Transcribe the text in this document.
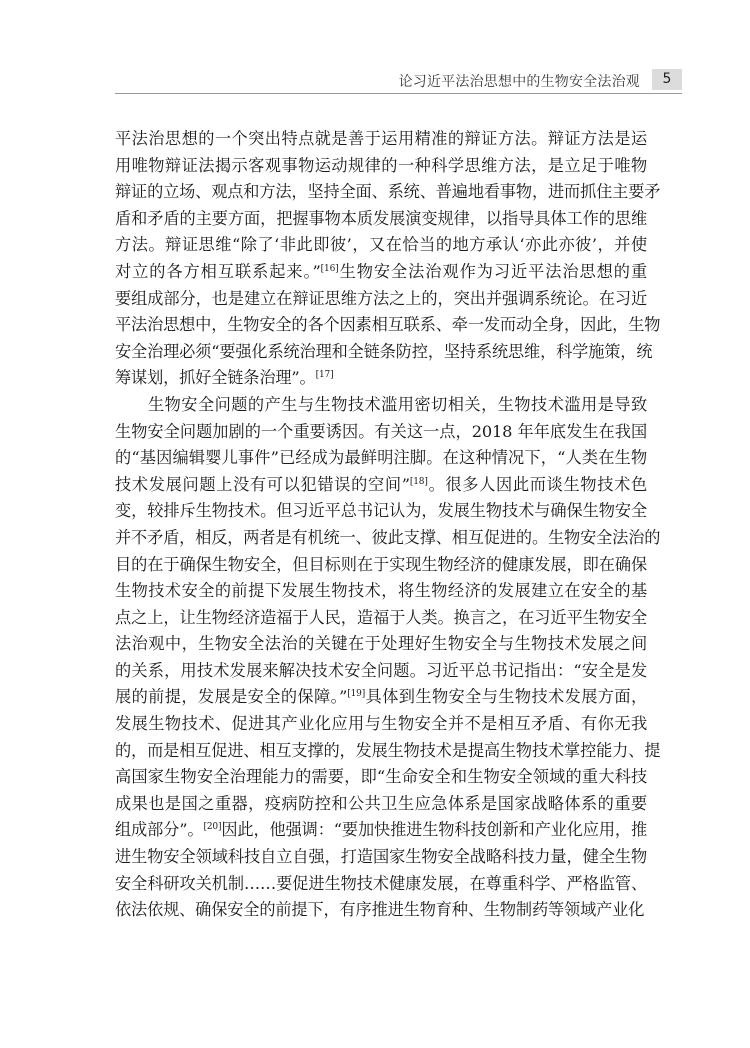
论习近平法治思想中的生物安全法治观	5
平法治思想的一个突出特点就是善于运用精准的辩证方法。辩证方法是运
用唯物辩证法揭示客观事物运动规律的一种科学思维方法，是立足于唯物
辩证的立场、观点和方法，坚持全面、系统、普遍地看事物，进而抓住主要矛
盾和矛盾的主要方面，把握事物本质发展演变规律，以指导具体工作的思维
方法。辩证思维“除了‘非此即彼’，又在恰当的地方承认‘亦此亦彼’，并使
对立的各方相互联系起来。”[16]生物安全法治观作为习近平法治思想的重
要组成部分，也是建立在辩证思维方法之上的，突出并强调系统论。在习近
平法治思想中，生物安全的各个因素相互联系、牵一发而动全身，因此，生物
安全治理必须“要强化系统治理和全链条防控，坚持系统思维，科学施策，统
筹谋划，抓好全链条治理”。[17]
生物安全问题的产生与生物技术滥用密切相关，生物技术滥用是导致
生物安全问题加剧的一个重要诱因。有关这一点，2018 年年底发生在我国
的“基因编辑婴儿事件”已经成为最鲜明注脚。在这种情况下，“人类在生物
技术发展问题上没有可以犯错误的空间”[18]。很多人因此而谈生物技术色
变，较排斥生物技术。但习近平总书记认为，发展生物技术与确保生物安全
并不矛盾，相反，两者是有机统一、彼此支撑、相互促进的。生物安全法治的
目的在于确保生物安全，但目标则在于实现生物经济的健康发展，即在确保
生物技术安全的前提下发展生物技术，将生物经济的发展建立在安全的基
点之上，让生物经济造福于人民，造福于人类。换言之，在习近平生物安全
法治观中，生物安全法治的关键在于处理好生物安全与生物技术发展之间
的关系，用技术发展来解决技术安全问题。习近平总书记指出：“安全是发
展的前提，发展是安全的保障。”[19]具体到生物安全与生物技术发展方面，
发展生物技术、促进其产业化应用与生物安全并不是相互矛盾、有你无我
的，而是相互促进、相互支撑的，发展生物技术是提高生物技术掌控能力、提
高国家生物安全治理能力的需要，即“生命安全和生物安全领域的重大科技
成果也是国之重器，疫病防控和公共卫生应急体系是国家战略体系的重要
组成部分”。[20]因此，他强调：“要加快推进生物科技创新和产业化应用，推
进生物安全领域科技自立自强，打造国家生物安全战略科技力量，健全生物
安全科研攻关机制……要促进生物技术健康发展，在尊重科学、严格监管、
依法依规、确保安全的前提下，有序推进生物育种、生物制药等领域产业化
